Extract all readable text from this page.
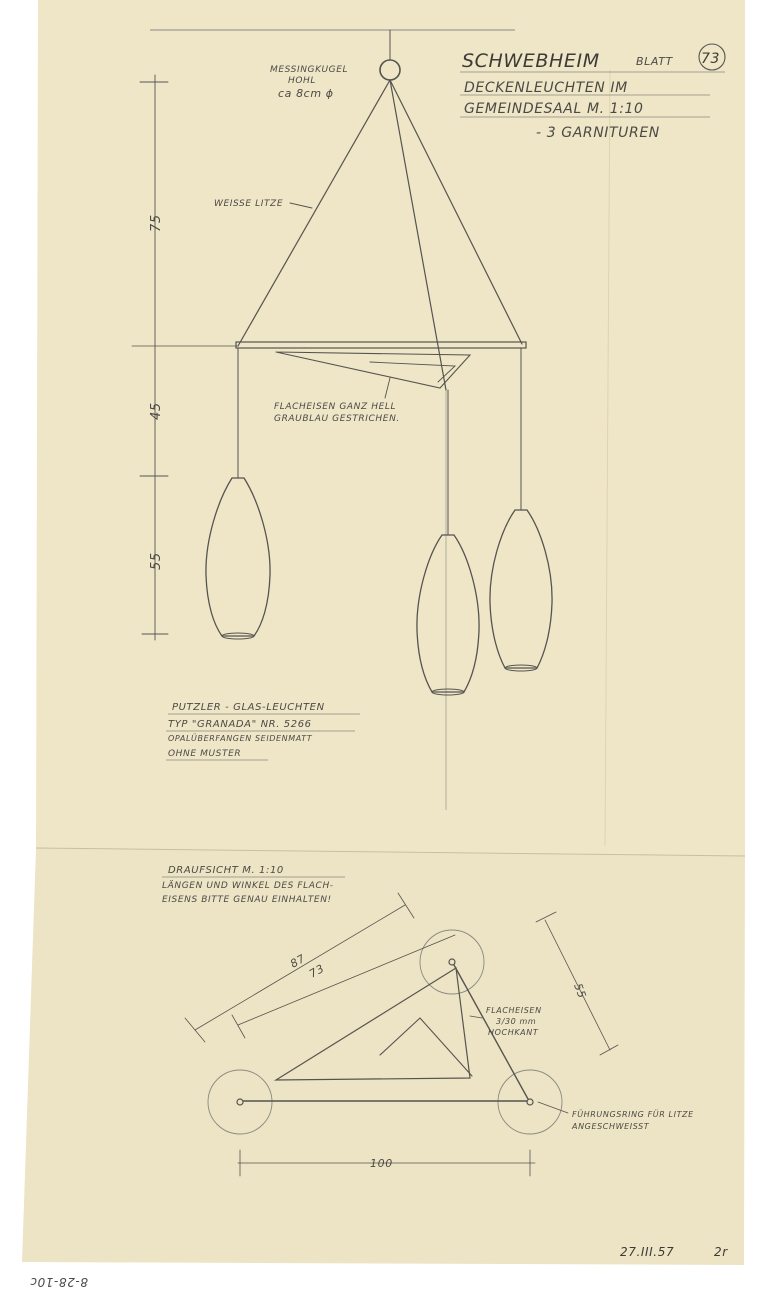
SCHWEBHEIM	BLATT 73
DECKENLEUCHTEN IM
GEMEINDESAAL M. 1:10
- 3 GARNITUREN
MESSINGKUGEL
HOHL
ca 8cm ϕ
WEISSE LITZE
FLACHEISEN GANZ HELL
GRAUBLAU GESTRICHEN.
75
45
55
PUTZLER - GLAS-LEUCHTEN
TYP "GRANADA" NR. 5266
OPALÜBERFANGEN SEIDENMATT
OHNE MUSTER
DRAUFSICHT M. 1:10
LÄNGEN UND WINKEL DES FLACH-
EISENS BITTE GENAU EINHALTEN!
87
73
55
100
FLACHEISEN
3/30 mm
HOCHKANT
FÜHRUNGSRING FÜR LITZE
ANGESCHWEISST
27.III.57	2r
8-28-10c
